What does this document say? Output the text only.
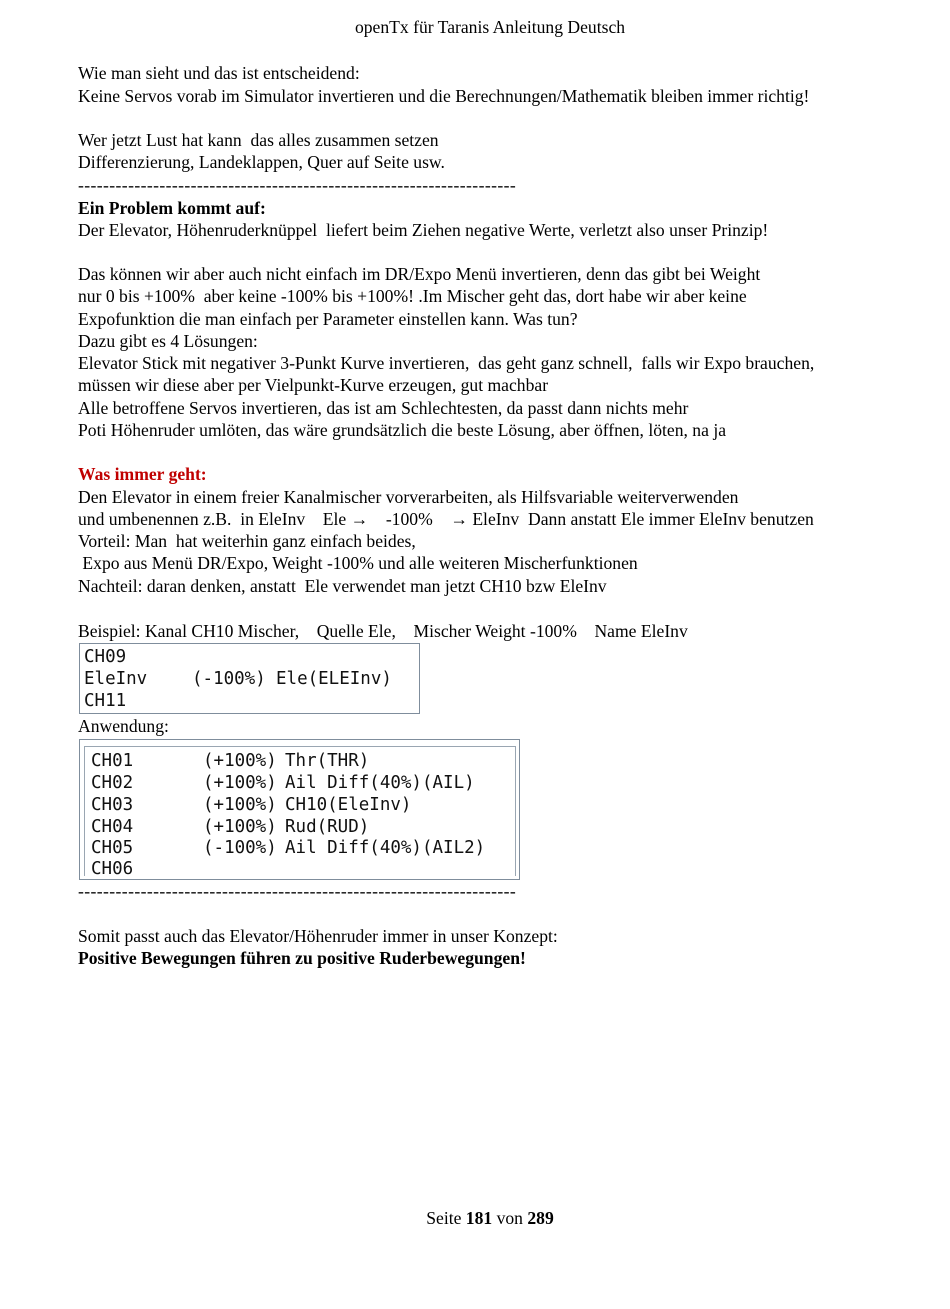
openTx für Taranis Anleitung Deutsch
Wie man sieht und das ist entscheidend:
Keine Servos vorab im Simulator invertieren und die Berechnungen/Mathematik bleiben immer richtig!
Wer jetzt Lust hat kann  das alles zusammen setzen
Differenzierung, Landeklappen, Quer auf Seite usw.
----------------------------------------------------------------------
Ein Problem kommt auf:
Der Elevator, Höhenruderknüppel  liefert beim Ziehen negative Werte, verletzt also unser Prinzip!
Das können wir aber auch nicht einfach im DR/Expo Menü invertieren, denn das gibt bei Weight
nur 0 bis +100%  aber keine -100% bis +100%! .Im Mischer geht das, dort habe wir aber keine
Expofunktion die man einfach per Parameter einstellen kann. Was tun?
Dazu gibt es 4 Lösungen:
Elevator Stick mit negativer 3-Punkt Kurve invertieren,  das geht ganz schnell,  falls wir Expo brauchen,
müssen wir diese aber per Vielpunkt-Kurve erzeugen, gut machbar
Alle betroffene Servos invertieren, das ist am Schlechtesten, da passt dann nichts mehr
Poti Höhenruder umlöten, das wäre grundsätzlich die beste Lösung, aber öffnen, löten, na ja
Was immer geht:
Den Elevator in einem freier Kanalmischer vorverarbeiten, als Hilfsvariable weiterverwenden
und umbenennen z.B.  in EleInv    Ele →    -100%    → EleInv  Dann anstatt Ele immer EleInv benutzen
Vorteil: Man  hat weiterhin ganz einfach beides,
Expo aus Menü DR/Expo, Weight -100% und alle weiteren Mischerfunktionen
Nachteil: daran denken, anstatt  Ele verwendet man jetzt CH10 bzw EleInv
Beispiel: Kanal CH10 Mischer,    Quelle Ele,    Mischer Weight -100%    Name EleInv
CH09
EleInv	(-100%) Ele(ELEInv)
CH11
Anwendung:
CH01	(+100%) Thr(THR)
CH02	(+100%) Ail Diff(40%)(AIL)
CH03	(+100%) CH10(EleInv)
CH04	(+100%) Rud(RUD)
CH05	(-100%) Ail Diff(40%)(AIL2)
CH06
----------------------------------------------------------------------
Somit passt auch das Elevator/Höhenruder immer in unser Konzept:
Positive Bewegungen führen zu positive Ruderbewegungen!
Seite 181 von 289
